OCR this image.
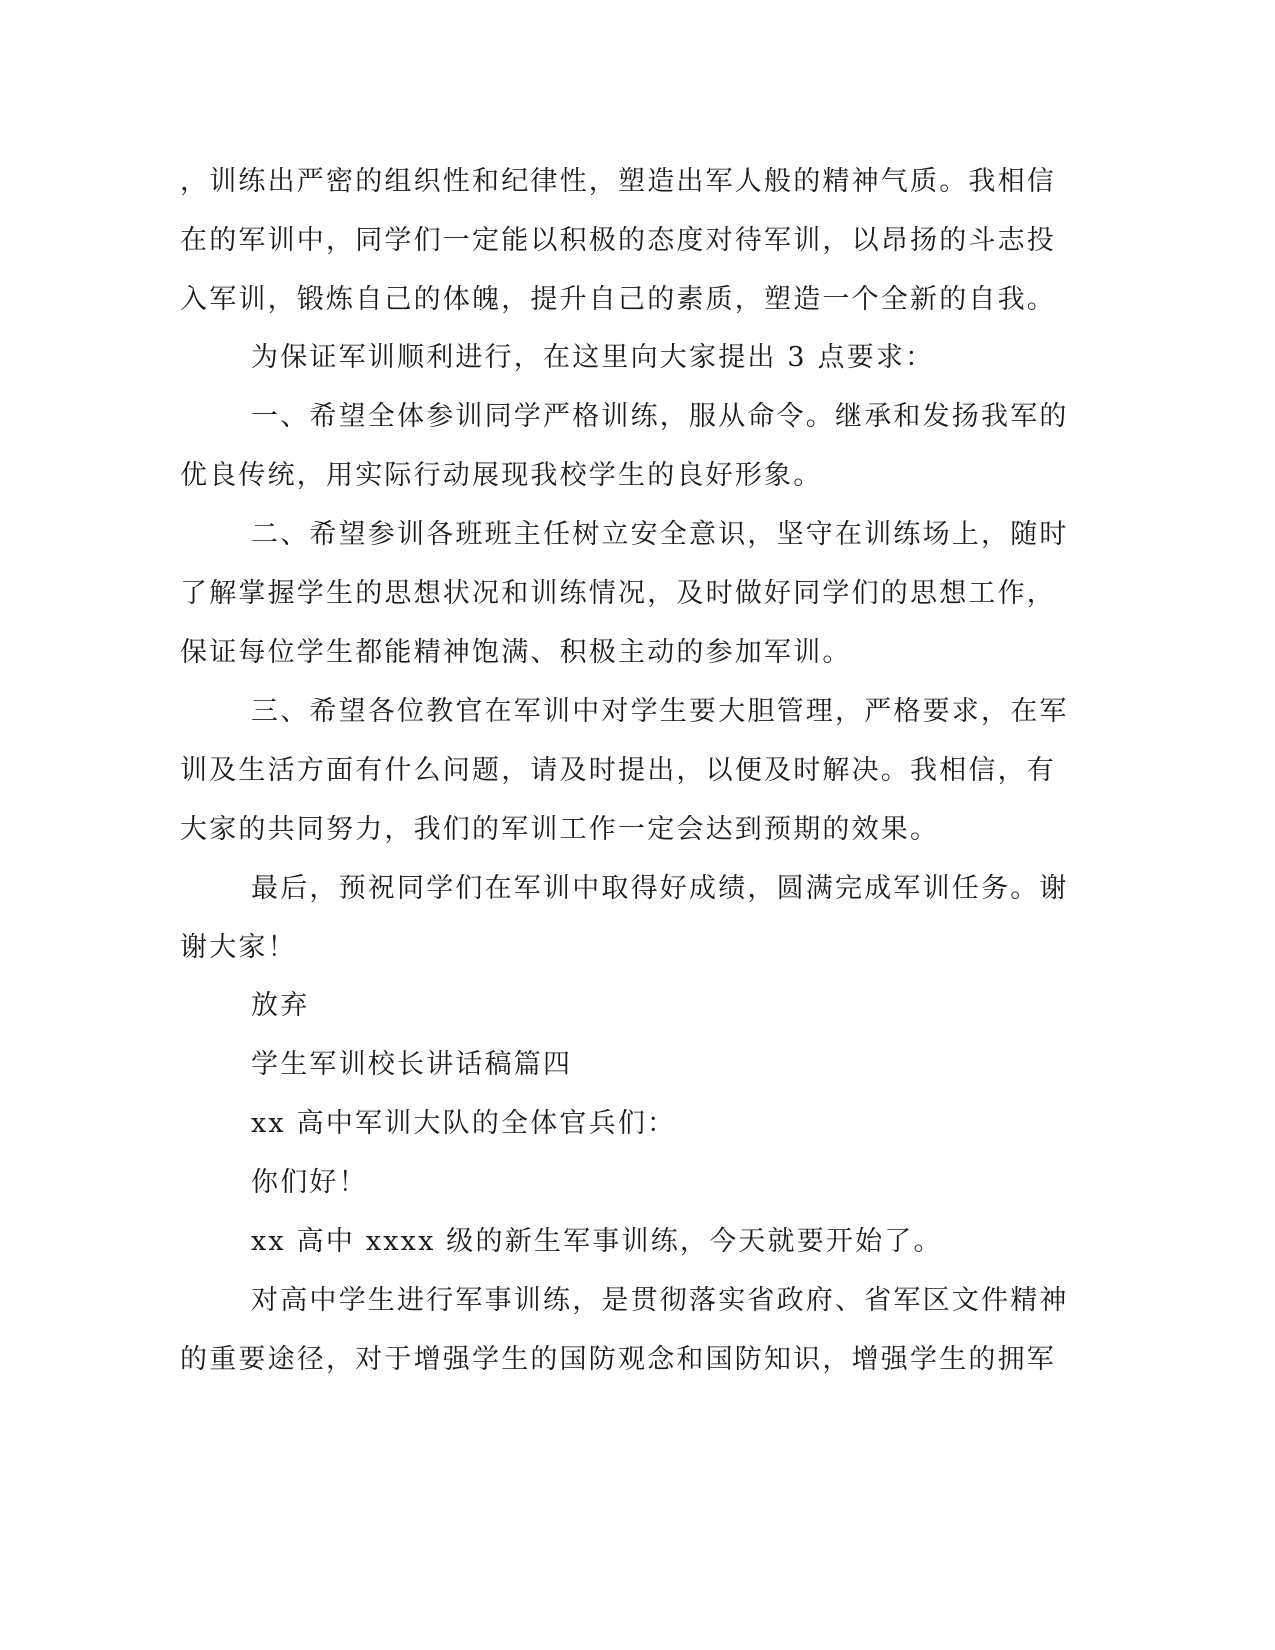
，训练出严密的组织性和纪律性，塑造出军人般的精神气质。我相信
在的军训中，同学们一定能以积极的态度对待军训，以昂扬的斗志投
入军训，锻炼自己的体魄，提升自己的素质，塑造一个全新的自我。
为保证军训顺利进行，在这里向大家提出 3 点要求：
一、希望全体参训同学严格训练，服从命令。继承和发扬我军的
优良传统，用实际行动展现我校学生的良好形象。
二、希望参训各班班主任树立安全意识，坚守在训练场上，随时
了解掌握学生的思想状况和训练情况，及时做好同学们的思想工作，
保证每位学生都能精神饱满、积极主动的参加军训。
三、希望各位教官在军训中对学生要大胆管理，严格要求，在军
训及生活方面有什么问题，请及时提出，以便及时解决。我相信，有
大家的共同努力，我们的军训工作一定会达到预期的效果。
最后，预祝同学们在军训中取得好成绩，圆满完成军训任务。谢
谢大家！
放弃
学生军训校长讲话稿篇四
xx 高中军训大队的全体官兵们：
你们好！
xx 高中 xxxx 级的新生军事训练，今天就要开始了。
对高中学生进行军事训练，是贯彻落实省政府、省军区文件精神
的重要途径，对于增强学生的国防观念和国防知识，增强学生的拥军
